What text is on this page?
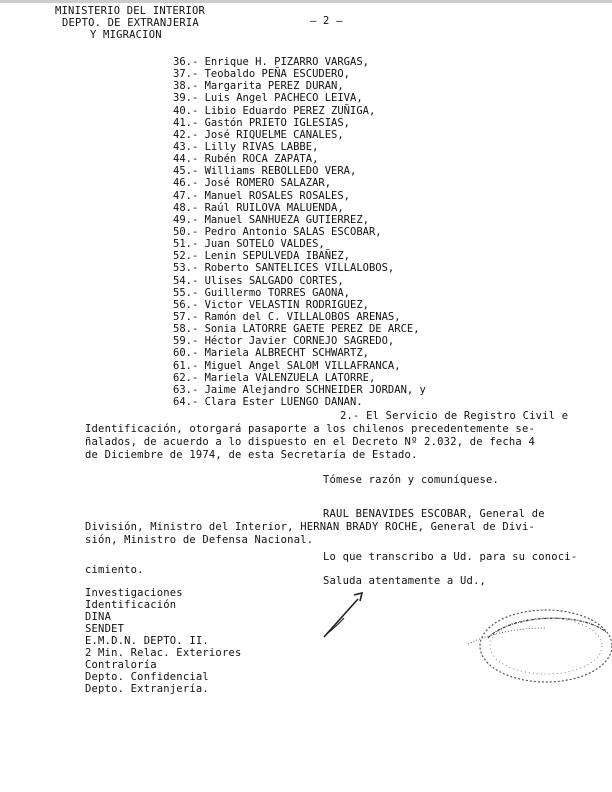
MINISTERIO DEL INTERIOR
DEPTO. DE EXTRANJERIA
Y MIGRACION
— 2 —
36.- Enrique H. PIZARRO VARGAS,
37.- Teobaldo PEÑA ESCUDERO,
38.- Margarita PEREZ DURAN,
39.- Luis Angel PACHECO LEIVA,
40.- Libio Eduardo PEREZ ZUÑIGA,
41.- Gastón PRIETO IGLESIAS,
42.- José RIQUELME CANALES,
43.- Lilly RIVAS LABBE,
44.- Rubén ROCA ZAPATA,
45.- Williams REBOLLEDO VERA,
46.- José ROMERO SALAZAR,
47.- Manuel ROSALES ROSALES,
48.- Raúl RUILOVA MALUENDA,
49.- Manuel SANHUEZA GUTIERREZ,
50.- Pedro Antonio SALAS ESCOBAR,
51.- Juan SOTELO VALDES,
52.- Lenin SEPULVEDA IBAÑEZ,
53.- Roberto SANTELICES VILLALOBOS,
54.- Ulises SALGADO CORTES,
55.- Guillermo TORRES GAONA,
56.- Victor VELASTIN RODRIGUEZ,
57.- Ramón del C. VILLALOBOS ARENAS,
58.- Sonia LATORRE GAETE PEREZ DE ARCE,
59.- Héctor Javier CORNEJO SAGREDO,
60.- Mariela ALBRECHT SCHWARTZ,
61.- Miguel Angel SALOM VILLAFRANCA,
62.- Mariela VALENZUELA LATORRE,
63.- Jaime Alejandro SCHNEIDER JORDAN, y
64.- Clara Ester LUENGO DANAN.
2.- El Servicio de Registro Civil e
Identificación, otorgará pasaporte a los chilenos precedentemente se-
ñalados, de acuerdo a lo dispuesto en el Decreto Nº 2.032, de fecha 4
de Diciembre de 1974, de esta Secretaría de Estado.
Tómese razón y comuníquese.
RAUL BENAVIDES ESCOBAR, General de
División, Ministro del Interior, HERNAN BRADY ROCHE, General de Divi-
sión, Ministro de Defensa Nacional.
Lo que transcribo a Ud. para su conoci-
cimiento.
Saluda atentamente a Ud.,
Investigaciones
Identificación
DINA
SENDET
E.M.D.N. DEPTO. II.
2 Min. Relac. Exteriores
Contraloría
Depto. Confidencial
Depto. Extranjería.
